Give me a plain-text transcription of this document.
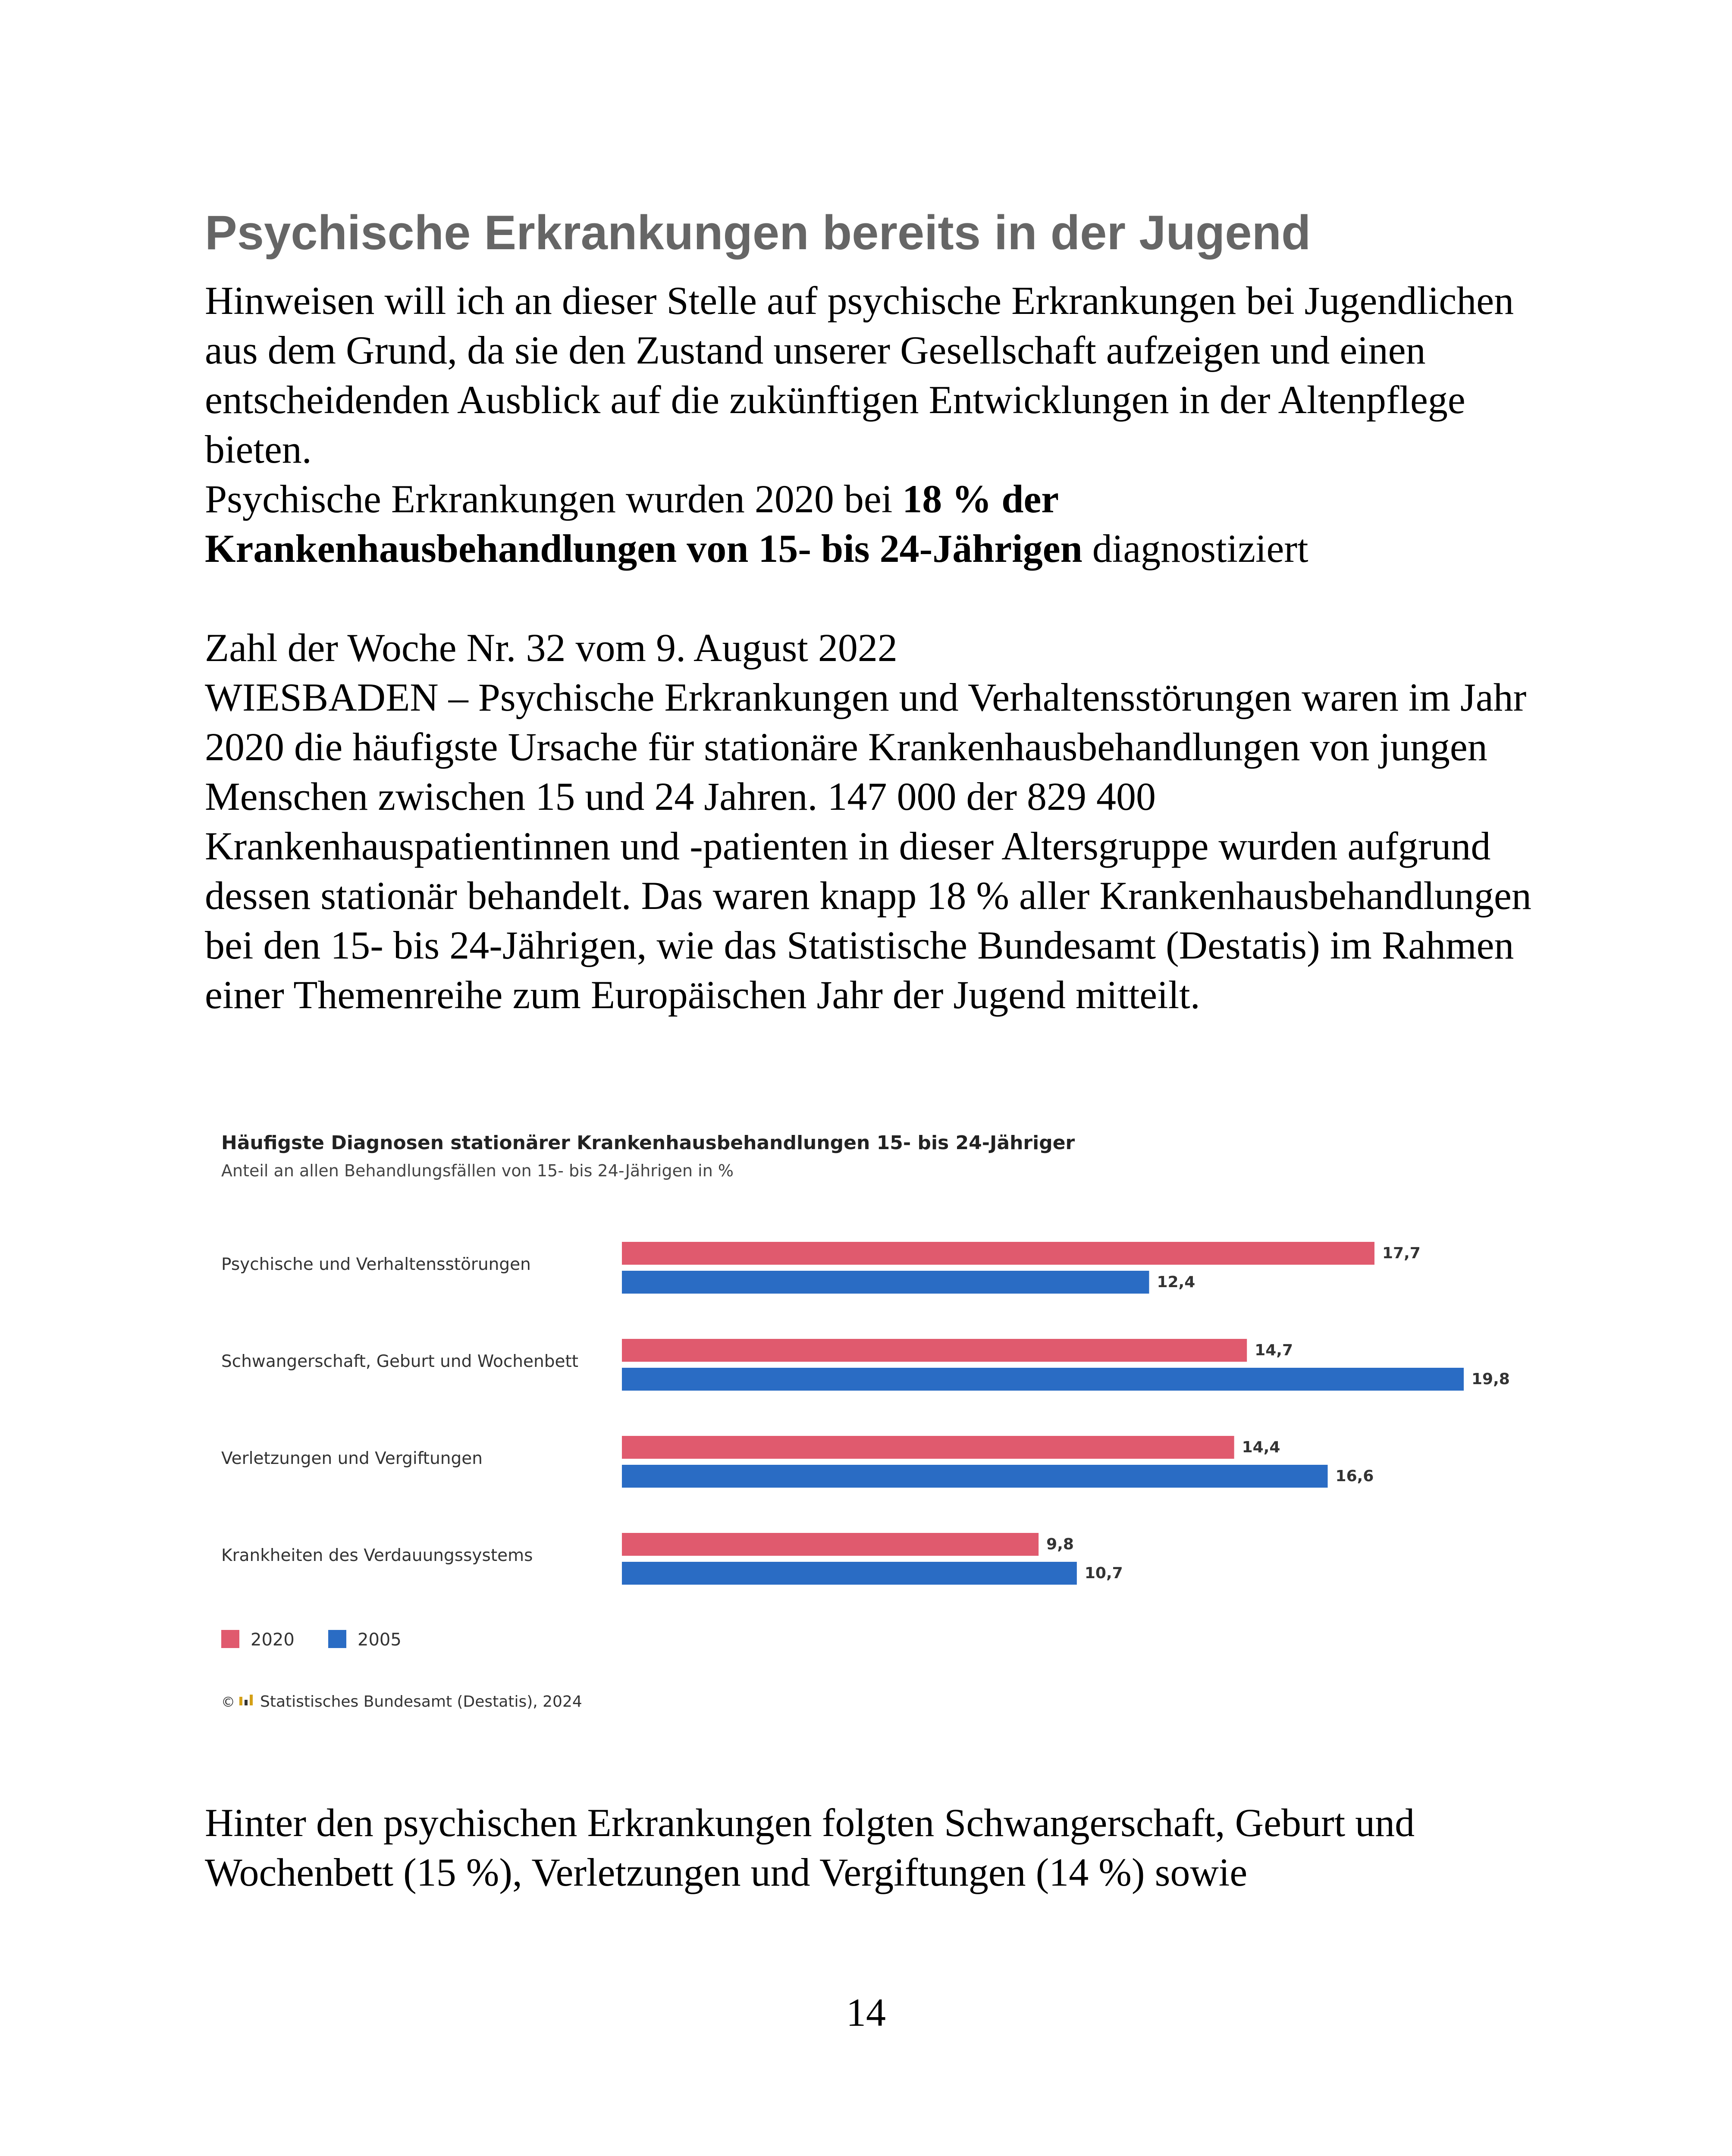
Psychische Erkrankungen bereits in der Jugend

Hinweisen will ich an dieser Stelle auf psychische Erkrankungen bei Jugendlichen aus dem Grund, da sie den Zustand unserer Gesellschaft aufzeigen und einen entscheidenden Ausblick auf die zukünftigen Entwicklungen in der Altenpflege bieten.

Psychische Erkrankungen wurden 2020 bei 18 % der Krankenhausbehandlungen von 15- bis 24-Jährigen diagnostiziert

Zahl der Woche Nr. 32 vom 9. August 2022

WIESBADEN – Psychische Erkrankungen und Verhaltensstörungen waren im Jahr 2020 die häufigste Ursache für stationäre Krankenhausbehandlungen von jungen Menschen zwischen 15 und 24 Jahren. 147 000 der 829 400 Krankenhauspatientinnen und -patienten in dieser Altersgruppe wurden aufgrund dessen stationär behandelt. Das waren knapp 18 % aller Krankenhausbehandlungen bei den 15- bis 24-Jährigen, wie das Statistische Bundesamt (Destatis) im Rahmen einer Themenreihe zum Europäischen Jahr der Jugend mitteilt.

Häufigste Diagnosen stationärer Krankenhausbehandlungen 15- bis 24-Jähriger
Anteil an allen Behandlungsfällen von 15- bis 24-Jährigen in %
Psychische und Verhaltensstörungen
17,7
12,4
Schwangerschaft, Geburt und Wochenbett
14,7
19,8
Verletzungen und Vergiftungen
14,4
16,6
Krankheiten des Verdauungssystems
9,8
10,7
2020	2005
© Statistisches Bundesamt (Destatis), 2024

Hinter den psychischen Erkrankungen folgten Schwangerschaft, Geburt und Wochenbett (15 %), Verletzungen und Vergiftungen (14 %) sowie

14
